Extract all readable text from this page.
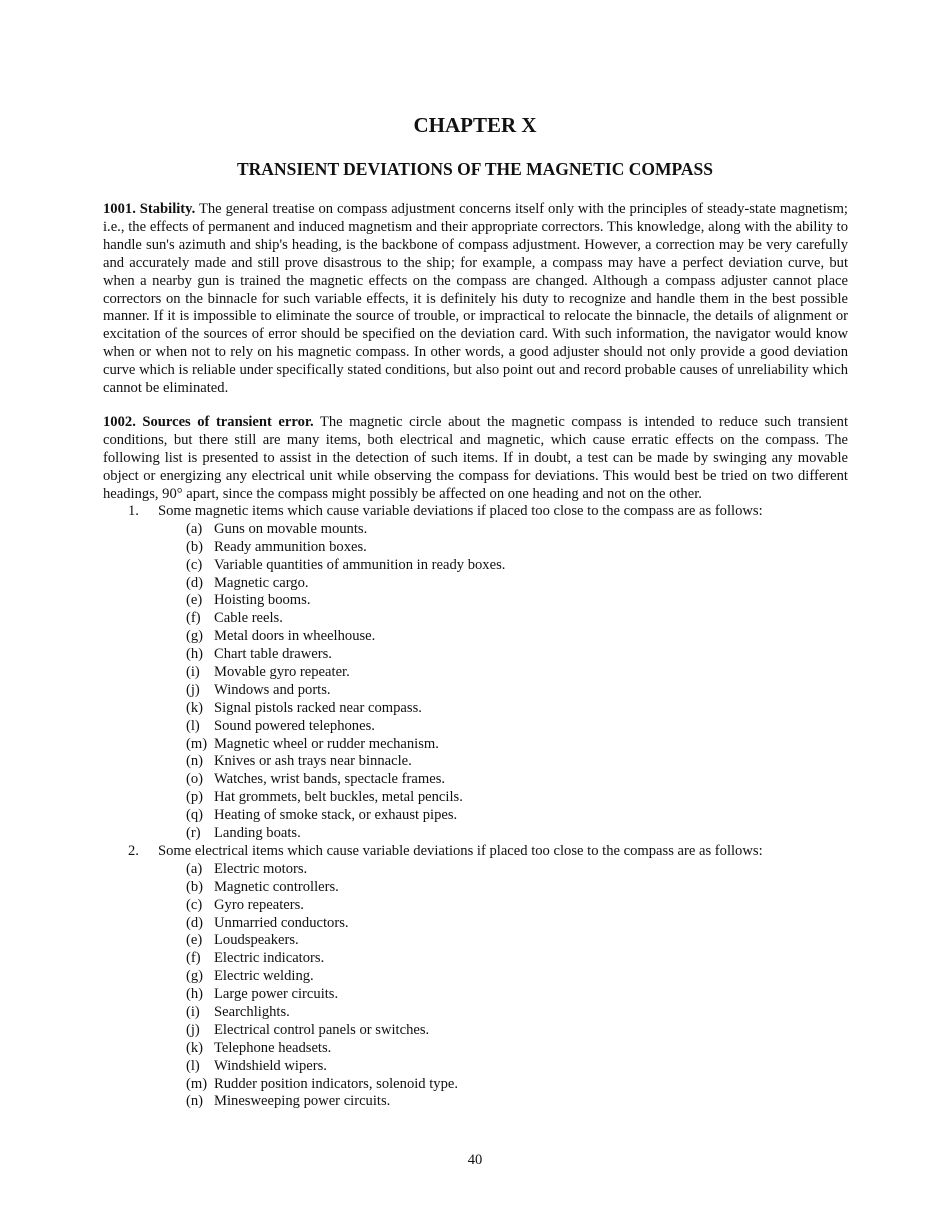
CHAPTER X
TRANSIENT DEVIATIONS OF THE MAGNETIC COMPASS

1001. Stability. The general treatise on compass adjustment concerns itself only with the principles of steady-state magnetism; i.e., the effects of permanent and induced magnetism and their appropriate correctors. This knowledge, along with the ability to handle sun's azimuth and ship's heading, is the backbone of compass adjustment. However, a correction may be very carefully and accurately made and still prove disastrous to the ship; for example, a compass may have a perfect deviation curve, but when a nearby gun is trained the magnetic effects on the compass are changed. Although a compass adjuster cannot place correctors on the binnacle for such variable effects, it is definitely his duty to recognize and handle them in the best possible manner. If it is impossible to eliminate the source of trouble, or impractical to relocate the binnacle, the details of alignment or excitation of the sources of error should be specified on the deviation card. With such information, the navigator would know when or when not to rely on his magnetic compass. In other words, a good adjuster should not only provide a good deviation curve which is reliable under specifically stated conditions, but also point out and record probable causes of unreliability which cannot be eliminated.

1002. Sources of transient error. The magnetic circle about the magnetic compass is intended to reduce such transient conditions, but there still are many items, both electrical and magnetic, which cause erratic effects on the compass. The following list is presented to assist in the detection of such items. If in doubt, a test can be made by swinging any movable object or energizing any electrical unit while observing the compass for deviations. This would best be tried on two different headings, 90° apart, since the compass might possibly be affected on one heading and not on the other.

1. Some magnetic items which cause variable deviations if placed too close to the compass are as follows:
(a) Guns on movable mounts.
(b) Ready ammunition boxes.
(c) Variable quantities of ammunition in ready boxes.
(d) Magnetic cargo.
(e) Hoisting booms.
(f) Cable reels.
(g) Metal doors in wheelhouse.
(h) Chart table drawers.
(i) Movable gyro repeater.
(j) Windows and ports.
(k) Signal pistols racked near compass.
(l) Sound powered telephones.
(m) Magnetic wheel or rudder mechanism.
(n) Knives or ash trays near binnacle.
(o) Watches, wrist bands, spectacle frames.
(p) Hat grommets, belt buckles, metal pencils.
(q) Heating of smoke stack, or exhaust pipes.
(r) Landing boats.
2. Some electrical items which cause variable deviations if placed too close to the compass are as follows:
(a) Electric motors.
(b) Magnetic controllers.
(c) Gyro repeaters.
(d) Unmarried conductors.
(e) Loudspeakers.
(f) Electric indicators.
(g) Electric welding.
(h) Large power circuits.
(i) Searchlights.
(j) Electrical control panels or switches.
(k) Telephone headsets.
(l) Windshield wipers.
(m) Rudder position indicators, solenoid type.
(n) Minesweeping power circuits.
40
